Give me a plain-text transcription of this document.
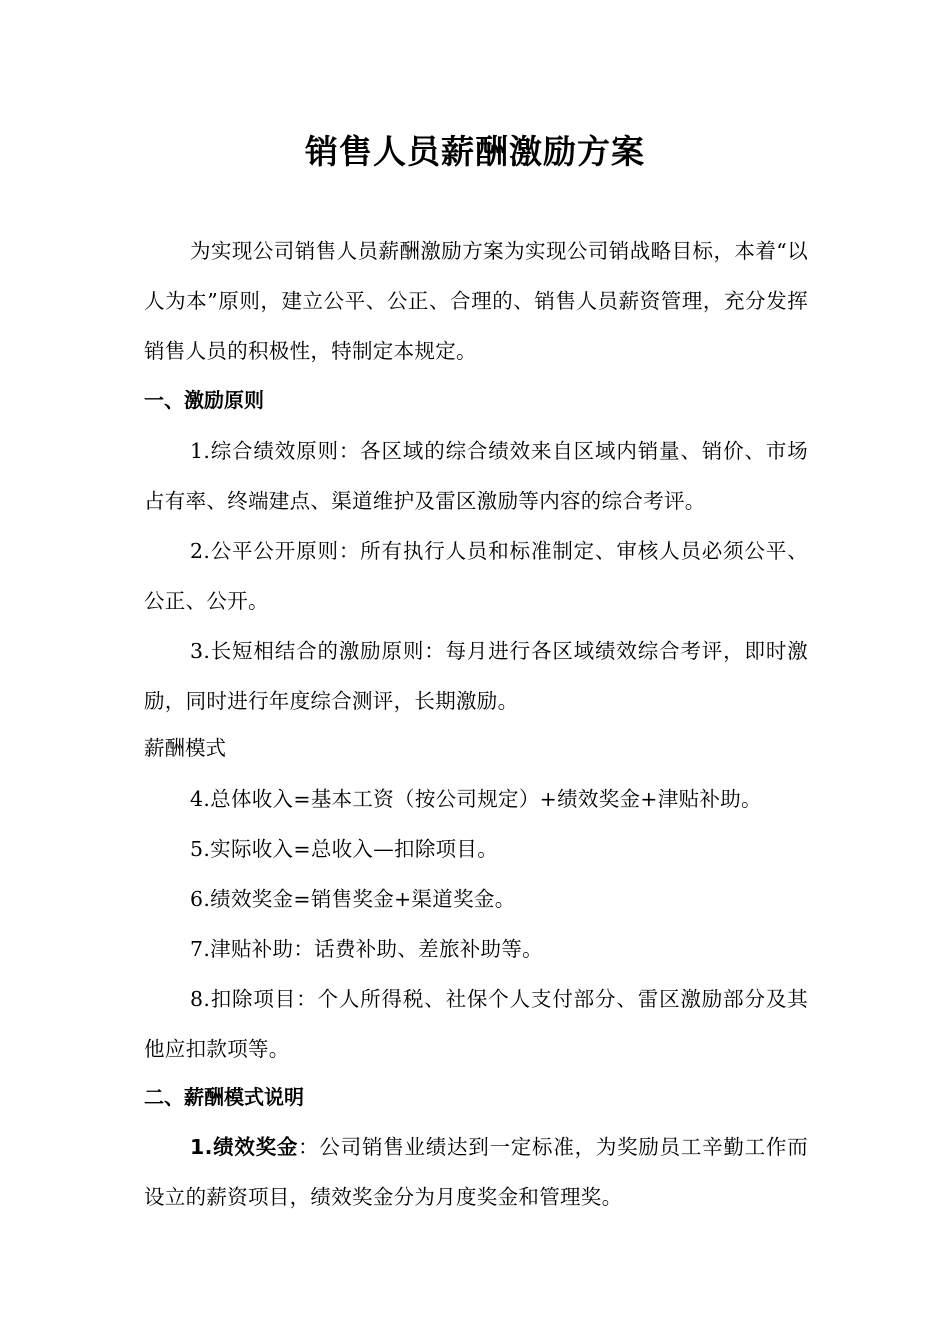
销售人员薪酬激励方案

为实现公司销售人员薪酬激励方案为实现公司销战略目标，本着“以人为本”原则，建立公平、公正、合理的、销售人员薪资管理，充分发挥销售人员的积极性，特制定本规定。

一、激励原则

1.综合绩效原则：各区域的综合绩效来自区域内销量、销价、市场占有率、终端建点、渠道维护及雷区激励等内容的综合考评。

2.公平公开原则：所有执行人员和标准制定、审核人员必须公平、公正、公开。

3.长短相结合的激励原则：每月进行各区域绩效综合考评，即时激励，同时进行年度综合测评，长期激励。

薪酬模式

4.总体收入=基本工资（按公司规定）+绩效奖金+津贴补助。

5.实际收入=总收入—扣除项目。

6.绩效奖金=销售奖金+渠道奖金。

7.津贴补助：话费补助、差旅补助等。

8.扣除项目：个人所得税、社保个人支付部分、雷区激励部分及其他应扣款项等。

二、薪酬模式说明

1.绩效奖金：公司销售业绩达到一定标准，为奖励员工辛勤工作而设立的薪资项目，绩效奖金分为月度奖金和管理奖。
